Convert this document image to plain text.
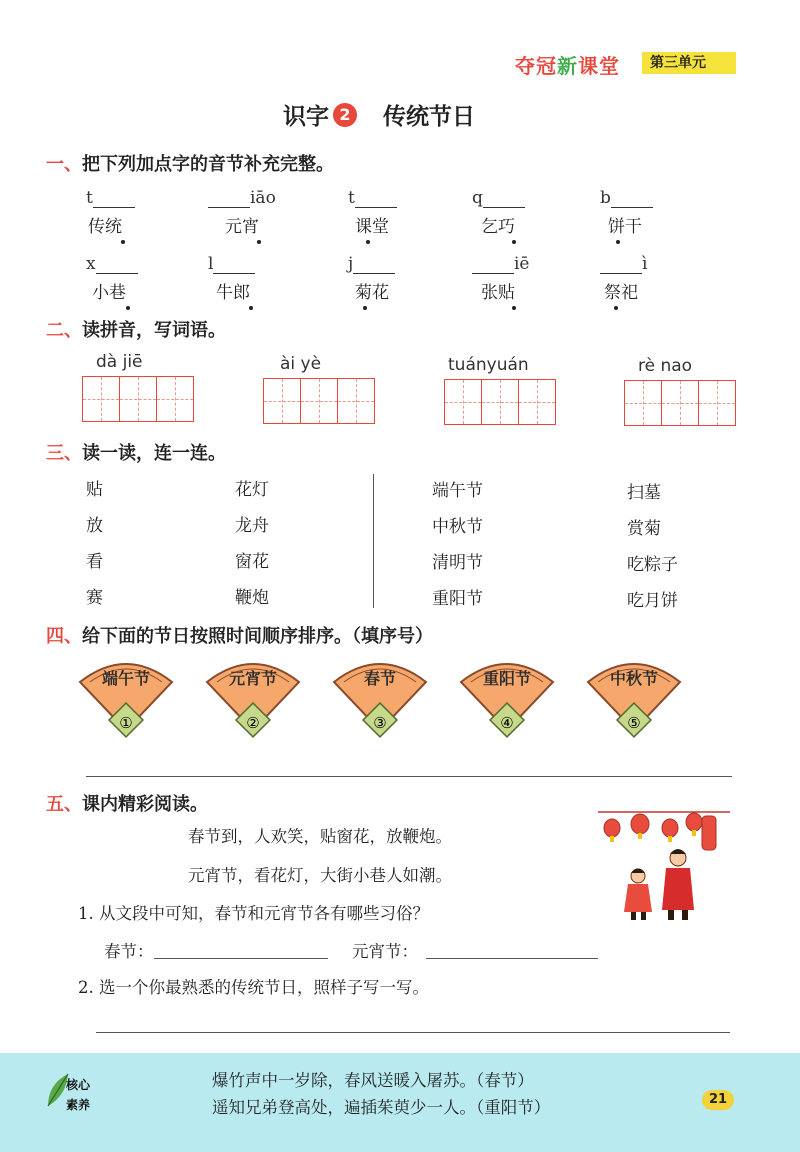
夺冠新课堂	第三单元
识字 2 传统节日
一、把下列加点字的音节补充完整。
t
传统
iāo
元宵
t
课堂
q
乞巧
b
饼干
x
小巷
l
牛郎
j
菊花
iē
张贴
ì
祭祀
二、读拼音，写词语。
dà jiē	ài yè	tuányuán	rè nao
三、读一读，连一连。
贴
放
看
赛
花灯
龙舟
窗花
鞭炮
端午节
中秋节
清明节
重阳节
扫墓
赏菊
吃粽子
吃月饼
四、给下面的节日按照时间顺序排序。（填序号）
端午节
①
元宵节
②
春节
③
重阳节
④
中秋节
⑤
五、课内精彩阅读。
春节到，人欢笑，贴窗花，放鞭炮。
元宵节，看花灯，大街小巷人如潮。
1. 从文段中可知，春节和元宵节各有哪些习俗？
春节：	元宵节：
2. 选一个你最熟悉的传统节日，照样子写一写。
核心
素养
爆竹声中一岁除，春风送暖入屠苏。（春节）
遥知兄弟登高处，遍插茱萸少一人。（重阳节）	21
